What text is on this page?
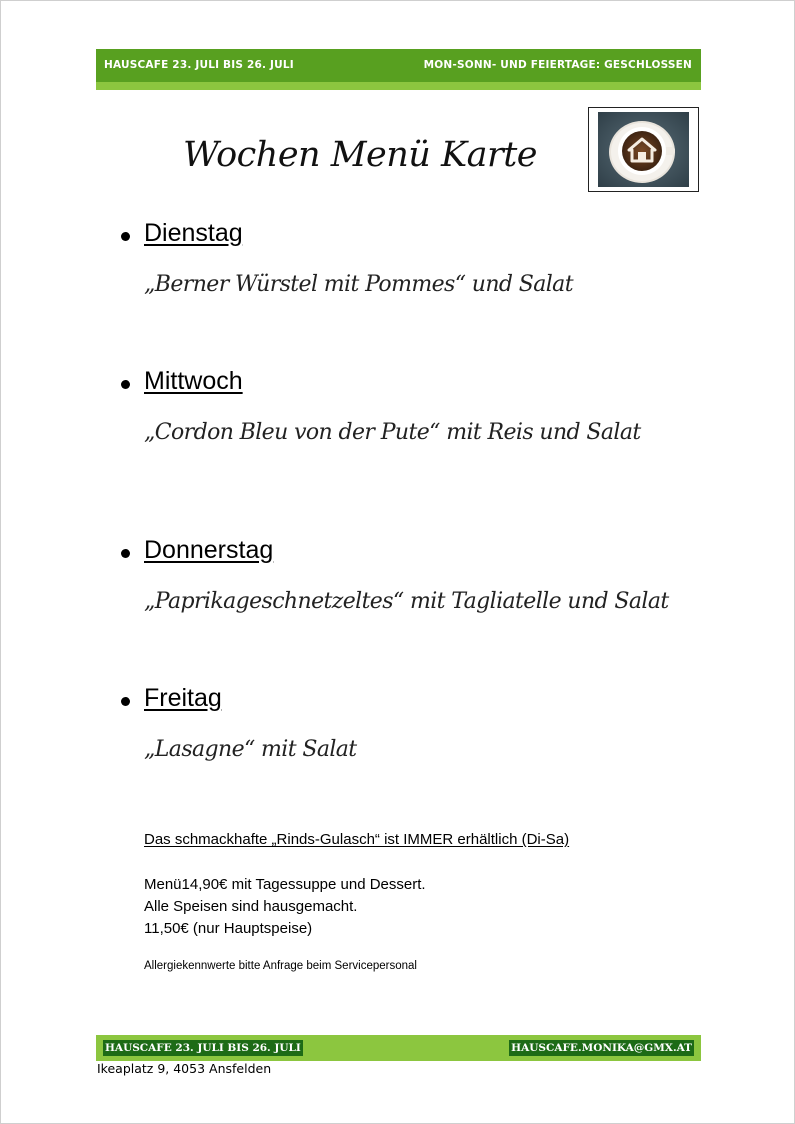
HAUSCAFE 23. JULI BIS 26. JULI	MON-SONN- UND FEIERTAGE: GESCHLOSSEN
Wochen Menü Karte
Dienstag
„Berner Würstel mit Pommes“ und Salat
Mittwoch
„Cordon Bleu von der Pute“ mit Reis und Salat
Donnerstag
„Paprikageschnetzeltes“ mit Tagliatelle und Salat
Freitag
„Lasagne“ mit Salat
Das schmackhafte „Rinds-Gulasch“ ist IMMER erhältlich (Di-Sa)
Menü14,90€ mit Tagessuppe und Dessert.
Alle Speisen sind hausgemacht.
11,50€ (nur Hauptspeise)
Allergiekennwerte bitte Anfrage beim Servicepersonal
HAUSCAFE 23. JULI BIS 26. JULI	HAUSCAFE.MONIKA@GMX.AT
Ikeaplatz 9, 4053 Ansfelden
